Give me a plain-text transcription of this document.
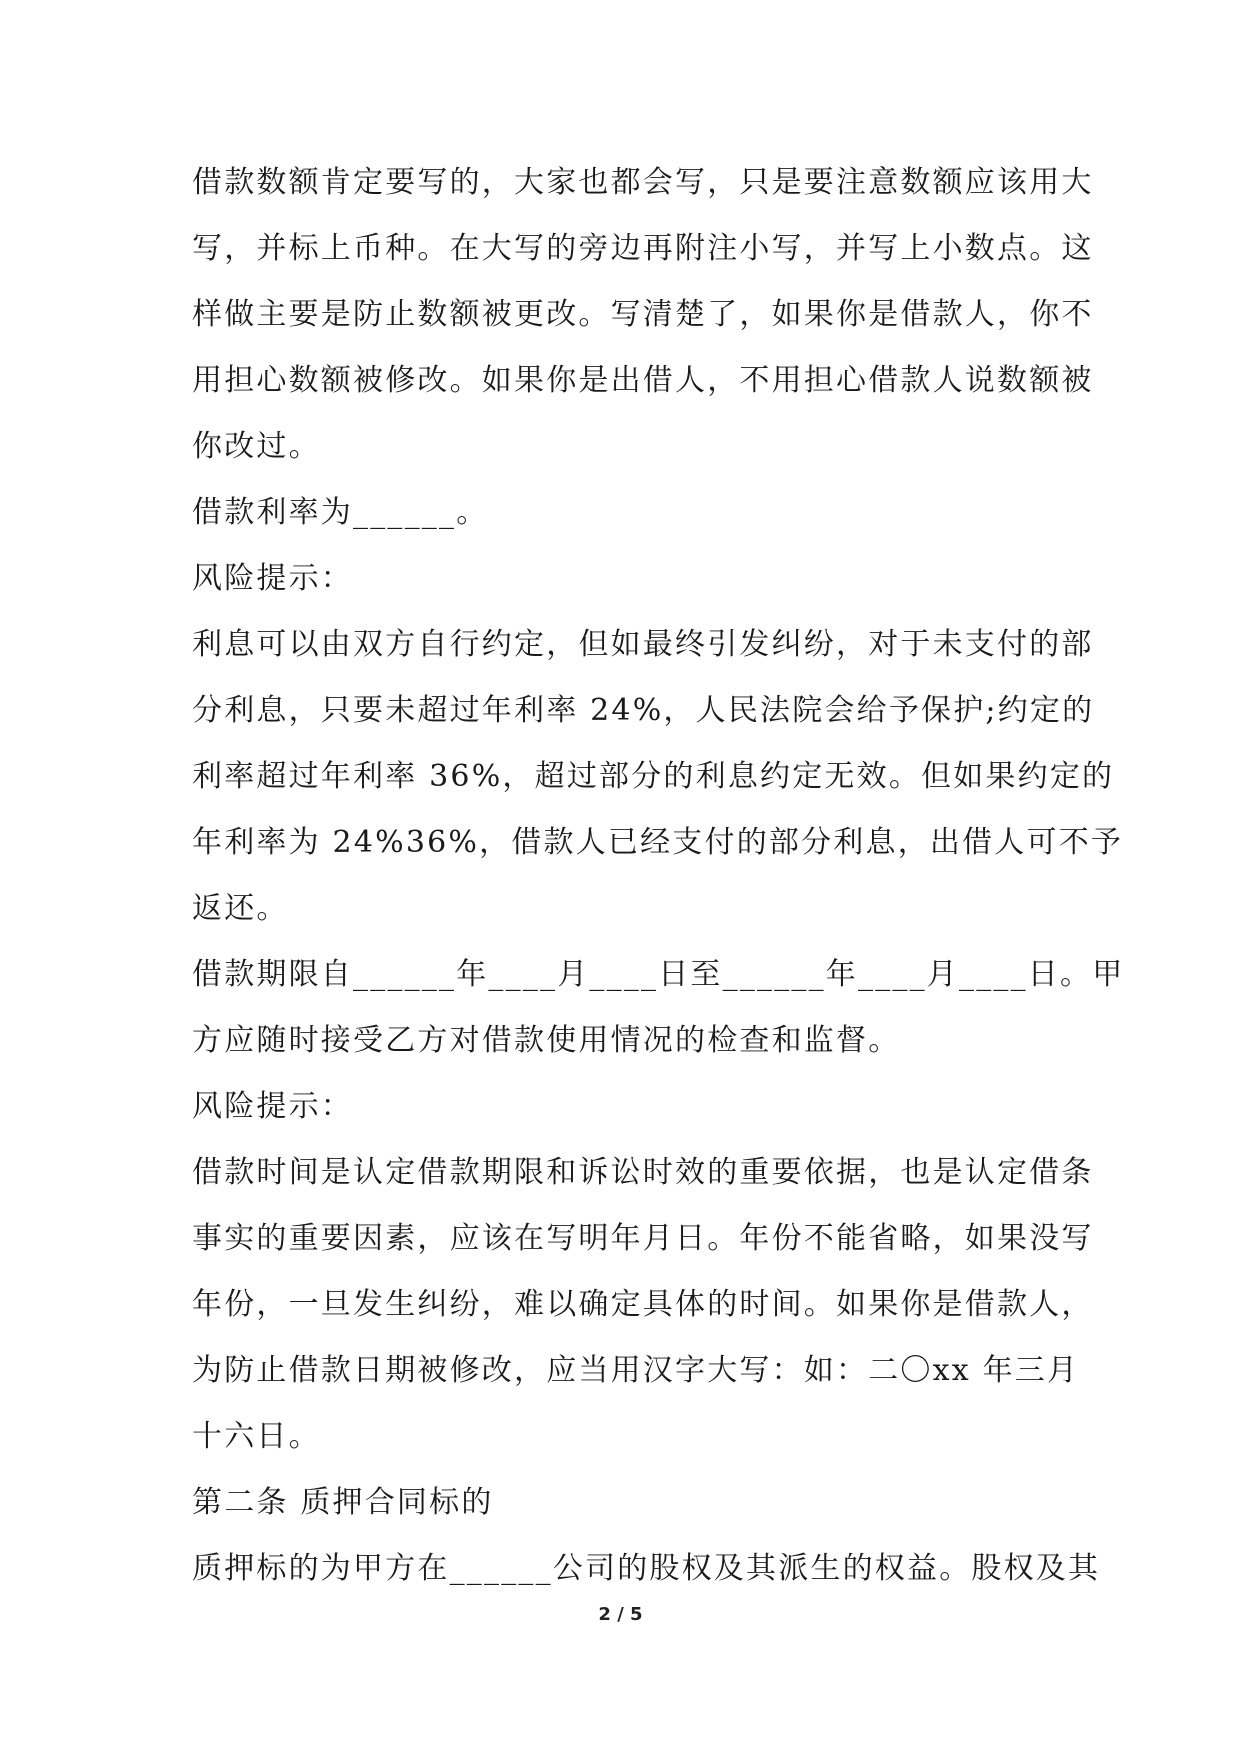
借款数额肯定要写的，大家也都会写，只是要注意数额应该用大
写，并标上币种。在大写的旁边再附注小写，并写上小数点。这
样做主要是防止数额被更改。写清楚了，如果你是借款人，你不
用担心数额被修改。如果你是出借人，不用担心借款人说数额被
你改过。
借款利率为______。
风险提示：
利息可以由双方自行约定，但如最终引发纠纷，对于未支付的部
分利息，只要未超过年利率 24%，人民法院会给予保护;约定的
利率超过年利率 36%，超过部分的利息约定无效。但如果约定的
年利率为 24%36%，借款人已经支付的部分利息，出借人可不予
返还。
借款期限自______年____月____日至______年____月____日。甲
方应随时接受乙方对借款使用情况的检查和监督。
风险提示：
借款时间是认定借款期限和诉讼时效的重要依据，也是认定借条
事实的重要因素，应该在写明年月日。年份不能省略，如果没写
年份，一旦发生纠纷，难以确定具体的时间。如果你是借款人，
为防止借款日期被修改，应当用汉字大写：如：二〇xx 年三月
十六日。
第二条 质押合同标的
质押标的为甲方在______公司的股权及其派生的权益。股权及其
2 / 5
